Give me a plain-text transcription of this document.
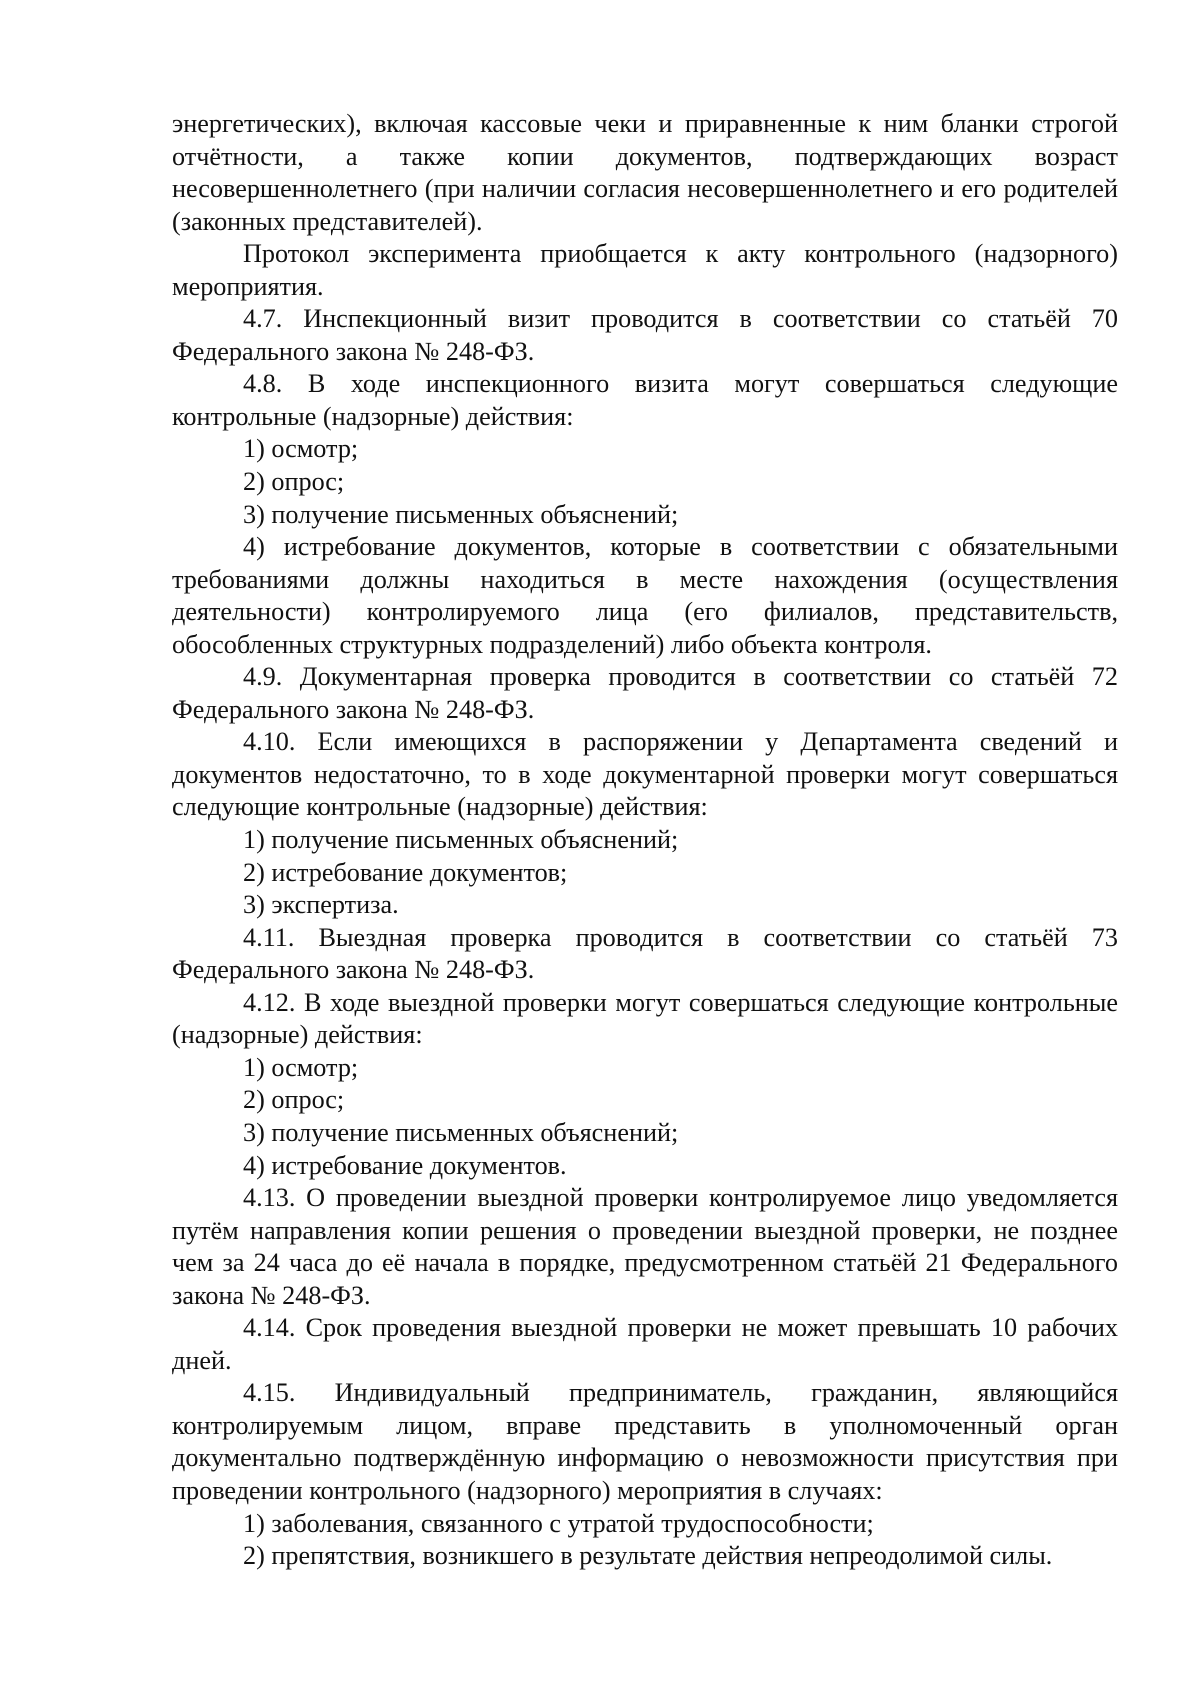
энергетических), включая кассовые чеки и приравненные к ним бланки строгой отчётности, а также копии документов, подтверждающих возраст несовершеннолетнего (при наличии согласия несовершеннолетнего и его родителей (законных представителей).

Протокол эксперимента приобщается к акту контрольного (надзорного) мероприятия.

4.7. Инспекционный визит проводится в соответствии со статьёй 70 Федерального закона № 248-ФЗ.

4.8. В ходе инспекционного визита могут совершаться следующие контрольные (надзорные) действия:

1) осмотр;

2) опрос;

3) получение письменных объяснений;

4) истребование документов, которые в соответствии с обязательными требованиями должны находиться в месте нахождения (осуществления деятельности) контролируемого лица (его филиалов, представительств, обособленных структурных подразделений) либо объекта контроля.

4.9. Документарная проверка проводится в соответствии со статьёй 72 Федерального закона № 248-ФЗ.

4.10. Если имеющихся в распоряжении у Департамента сведений и документов недостаточно, то в ходе документарной проверки могут совершаться следующие контрольные (надзорные) действия:

1) получение письменных объяснений;

2) истребование документов;

3) экспертиза.

4.11. Выездная проверка проводится в соответствии со статьёй 73 Федерального закона № 248-ФЗ.

4.12. В ходе выездной проверки могут совершаться следующие контрольные (надзорные) действия:

1) осмотр;

2) опрос;

3) получение письменных объяснений;

4) истребование документов.

4.13. О проведении выездной проверки контролируемое лицо уведомляется путём направления копии решения о проведении выездной проверки, не позднее чем за 24 часа до её начала в порядке, предусмотренном статьёй 21 Федерального закона № 248-ФЗ.

4.14. Срок проведения выездной проверки не может превышать 10 рабочих дней.

4.15. Индивидуальный предприниматель, гражданин, являющийся контролируемым лицом, вправе представить в уполномоченный орган документально подтверждённую информацию о невозможности присутствия при проведении контрольного (надзорного) мероприятия в случаях:

1) заболевания, связанного с утратой трудоспособности;

2) препятствия, возникшего в результате действия непреодолимой силы.
